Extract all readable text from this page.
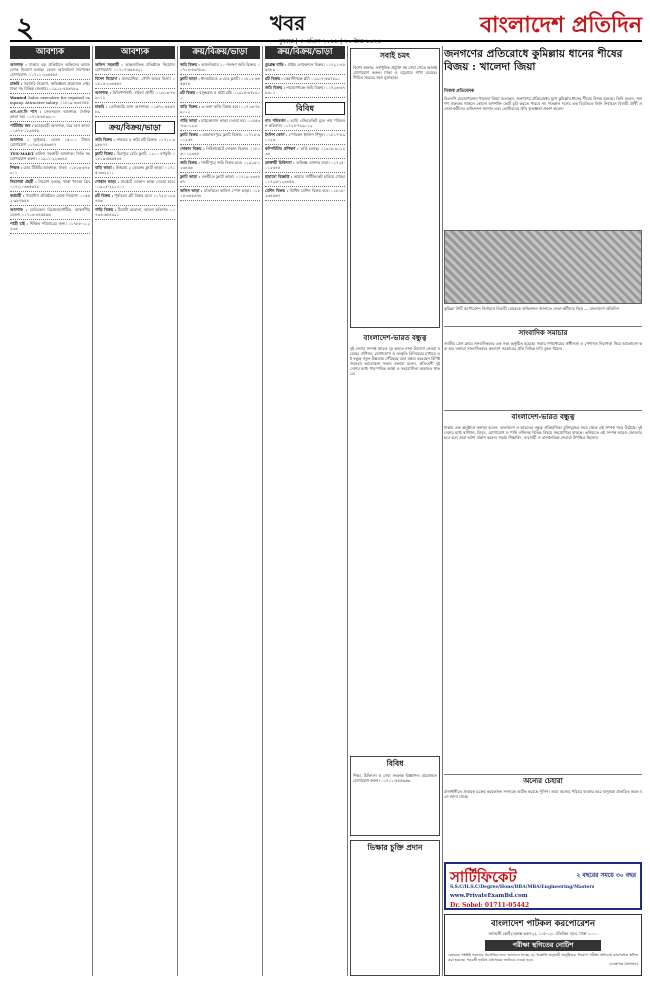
২	খবর	বাংলাদেশ প্রতিদিন
বুধবার | ৩ এপ্রিল ২০১৯ | ২০ চৈত্র ১৪২৫
আবশ্যক
আবশ্যক : ঢাকায় বড় প্রতিষ্ঠানে অফিসের কাজে লোক নিয়োগ চলছে। বেতন আলোচনা সাপেক্ষে। যোগাযোগ: ০১৭১১-২৩৪৫৬৭
চাকরি : সরাসরি নিয়োগ, অভিজ্ঞতা প্রয়োজন নেই। ঢাকা সহ বিভিন্ন জেলায়। ০১৯১২-৪৫৬৭৮৯
Wanted Sales executive for reputed company. Attractive salary. ০১৮১৯-৩৩৪৪৫৫
এস.এস.সি পাস : সেলসম্যান আবশ্যক, দৈনিক ভাতা সহ। ০১৭১৫-৮৮৯৯০০
পার্টটাইম জব : ছাত্র/ছাত্রী আবশ্যক, ঘরে বসে কাজ। ০১৬৭৪-১২৩৪৫৬
আবশ্যক : ড্রাইভার, বেতন ১৫০০০ টাকা। যোগাযোগ ০১৭৩১-৫৫৬৬৭৭
TEX-MART অফিস সহকারী আবশ্যক। সিভি সহ যোগাযোগ করুন। ০১৯১১-২২৩৩৪৪
শিক্ষক : হোম টিউটর আবশ্যক, ঢাকা। ০১৮১৬-৬৭৮৯০১
নিরাপত্তা প্রহরী : নিয়োগ চলছে, থাকা খাওয়া ফ্রি। ০১৭২০-৩৪৫৬৭৮
কর্মচারী : গার্মেন্টস প্রতিষ্ঠানে লোক নিয়োগ। ০১৫৫২-৯৮৭৬৫৪
আবশ্যক : মেডিকেল রিপ্রেজেন্টেটিভ, আকর্ষণীয় বেতন। ০১৭১৩-৪৪৫৫৬৬
পাত্রী চাই : শিক্ষিত পরিবারের জন্য। ০১৭৮৮-১১২২৩৩
আবশ্যক
অফিস সহকারী : আন্তর্জাতিক প্রতিষ্ঠানে নিয়োগ। যোগাযোগ: ০১৭১৭-৬৫৪৩২১
বিদেশ নিয়োগ : মালয়েশিয়া, সৌদি আরব ভিসা। ০১৮১৫-২৩৪৫৬৭
আবশ্যক : রিসিপশনিস্ট, মহিলা প্রার্থী। ০১৯১৩-৭৮৯০১২
চাকরি : ডেলিভারি ম্যান আবশ্যক। ০১৬৭১-৪৫৬৭৮৯
ক্রয়/বিক্রয়/ভাড়া
জমি বিক্রয় : সাভারে ৫ কাঠা প্লট বিক্রয়। ০১৭১১-৯৯৮৮৭৭
ফ্ল্যাট বিক্রয় : মিরপুরে রেডি ফ্ল্যাট, ১২০০ বর্গফুট। ০১৮১৯-৬৬৫৫৪৪
বাড়ি ভাড়া : উত্তরায় ২ বেডরুম ফ্ল্যাট ভাড়া। ০১৭১৫-৩৩২২১১
দোকান ভাড়া : মার্কেটে দোকান ভাড়া দেওয়া হবে। ০১৯১৪-২২১১০০
প্লট বিক্রয় : পূর্বাচলে প্লট বিক্রয় হবে। ০১৭২২-১২৩৪৫৬
গাড়ি বিক্রয় : টয়োটা করোলা, ভালো কন্ডিশন। ০১৭৩৩-৬৫৪৩২১
ক্রয়/বিক্রয়/ভাড়া
জমি বিক্রয় : আশুলিয়ায় ১০ শতাংশ জমি বিক্রয়। ০১৭১৪-৫৬৭৮৯০
ফ্ল্যাট ভাড়া : ধানমন্ডিতে ৩ বেড ফ্ল্যাট। ০১৮১২-৩৪৫৬৭৮
প্লট বিক্রয় : বসুন্ধরায় ৫ কাঠা প্লট। ০১৯১৫-৬৭৮৯০১
বাড়ি বিক্রয় : ৬ তলা বাড়ি বিক্রয় হবে। ০১৭১৬-৭৮৯০১২
গাড়ি ভাড়া : মাইক্রোবাস ভাড়া দেওয়া হয়। ০১৫৫৩-৮৯০১২৩
ফ্ল্যাট বিক্রয় : মোহাম্মদপুরে ফ্ল্যাট বিক্রয়। ০১৭১৮-৯০১২৩৪
দোকান বিক্রয় : নিউমার্কেটে দোকান বিক্রয়। ০১৮১৩-০১২৩৪৫
জমি বিক্রয় : গাজীপুরে জমি বিক্রয় হবে। ০১৯১৬-১২৩৪৫৬
ফ্ল্যাট ভাড়া : বনশ্রীতে ফ্ল্যাট ভাড়া। ০১৭১৯-২৩৪৫৬৭
অফিস ভাড়া : মতিঝিলে অফিস স্পেস ভাড়া। ০১৮১৪-৩৪৫৬৭৮
ক্রয়/বিক্রয়/ভাড়া
ডুপ্লেক্স বাড়ি : প্রাইম লোকেশনে বিক্রয়। ০১৭২১-৪৫৬৭৮৯
প্লট বিক্রয় : কেরানীগঞ্জে প্লট। ০১৯১৭-৫৬৭৮৯০
জমি বিক্রয় : নারায়ণগঞ্জে জমি বিক্রয়। ০১৭২৩-৬৭৮৯০১
বিবিধ
নাম পরিবর্তন : আমি এফিডেভিট মূলে নাম পরিবর্তন করিলাম। ০১৭২৪-৭৮৯০১২
ইংলিশ কোর্স : স্পোকেন ইংলিশ শিখুন। ০১৮১৭-৮৯০১২৩
কম্পিউটার প্রশিক্ষণ : ভর্তি চলছে। ০১৯১৮-৯০১২৩৪
ডাক্তারী চিকিৎসা : অভিজ্ঞ ডাক্তার দ্বারা। ০১৭২৫-০১২৩৪৫
হারানো বিজ্ঞপ্তি : আমার সার্টিফিকেট হারিয়ে গেছে। ০১৭২৬-১২৩৪৫৬
মেশিন বিক্রয় : প্রিন্টিং মেশিন বিক্রয় হবে। ০১৮১৮-২৩৪৫৬৭
সবাই চমৎ
বিশেষ অফার: সর্বাধুনিক প্রযুক্তি সহ সেবা পেতে আজই যোগাযোগ করুন। ঢাকা ও চট্টগ্রামে শাখা রয়েছে। সীমিত সময়ের জন্য মূল্যছাড়।
বাংলাদেশ-ভারত বন্ধুত্ব
দুই দেশের সম্পর্ক আরও দৃঢ় করতে নানা উদ্যোগ নেওয়া হয়েছে। বাণিজ্য, যোগাযোগ ও সংস্কৃতি বিনিময়ের মাধ্যমে এই বন্ধুত্ব নতুন উচ্চতায় পৌঁছেছে বলে মন্তব্য করেছেন বিশিষ্টজনেরা। আলোচনা সভায় বক্তারা বলেন, প্রতিবেশী দুই দেশের মধ্যে পারস্পরিক আস্থা ও সহযোগিতা অব্যাহত থাকবে।
বিবিধ
শিক্ষা, চিকিৎসা ও সেবা সংক্রান্ত বিজ্ঞাপন। প্রয়োজনে যোগাযোগ করুন। ০১৭১১-৫৫৫৬৬৬
ভিক্ষার চুক্তি প্রদান
জনগণের প্রতিরোধে কুমিল্লায় ধানের শীষের বিজয় : খালেদা জিয়া
নিজস্ব প্রতিবেদক
বিএনপি চেয়ারপারসন খালেদা জিয়া বলেছেন, জনগণের প্রতিরোধের মুখে কুমিল্লায় ধানের শীষের বিজয় হয়েছে। তিনি বলেন, জনগণ ঐক্যবদ্ধ থাকলে কোনো অপশক্তি ভোট চুরি করতে পারবে না। গতকাল দলের এক বিবৃতিতে তিনি নির্বাচনে বিজয়ী প্রার্থী ও নেতা-কর্মীদের অভিনন্দন জানান এবং ভোটারদের প্রতি কৃতজ্ঞতা প্রকাশ করেন।
কুমিল্লা সিটি কর্পোরেশন নির্বাচনে বিজয়ী মেয়রকে অভিনন্দন জানাতে নেতা-কর্মীদের ভিড় — বাংলাদেশ প্রতিদিন
সাংবাদিক সমাচার
জাতীয় প্রেস ক্লাবে সাংবাদিকদের এক সভা অনুষ্ঠিত হয়েছে। সভায় গণমাধ্যমের স্বাধীনতা ও পেশাগত নিরাপত্তা নিয়ে আলোচনা করা হয়। বক্তারা সাংবাদিকদের কল্যাণে সরকারের প্রতি বিভিন্ন দাবি তুলে ধরেন।
বাংলাদেশ-ভারত বন্ধুত্ব
ঢাকায় এক অনুষ্ঠানে বক্তারা বলেন, বাংলাদেশ ও ভারতের বন্ধুত্ব ঐতিহাসিক। মুক্তিযুদ্ধের সময় থেকে এই সম্পর্ক গড়ে উঠেছে। দুই দেশের মধ্যে বাণিজ্য, বিদ্যুৎ, যোগাযোগ ও পানি বণ্টনসহ বিভিন্ন বিষয়ে সহযোগিতা বাড়ছে। ভবিষ্যতে এই সম্পর্ক আরও জোরদার হবে বলে তারা আশা প্রকাশ করেন। সভায় শিক্ষাবিদ, ব্যবসায়ী ও রাজনৈতিক নেতারা উপস্থিত ছিলেন।
অন্যের চেহারা
রাজধানীতে প্রতারক চক্রের কয়েকজন সদস্যকে আটক করেছে পুলিশ। তারা অন্যের পরিচয় ব্যবহার করে মানুষকে প্রতারিত করত বলে জানা গেছে।
সার্টিফিকেট	২ বছরের সময়ে ৩০ বছর
S.S.C/H.S.C/Degree/Hons/BBA/MBA/Engineering/Masters
www.PrivateExamBd.com
Dr. Sobel: 01711-05442
বাংলাদেশ পাটকল করপোরেশন
আদমজী কোর্ট (এনেক্স ভবন-২), ১১৫-১২০ মতিঝিল বা/এ, ঢাকা-১০০০
পরীক্ষা স্থগিতের নোটিশ
এতদ্বারা সংশ্লিষ্ট সকলের অবগতির জন্য জানানো যাচ্ছে যে, বিজ্ঞপ্তি অনুযায়ী অনুষ্ঠিতব্য নিয়োগ পরীক্ষা অনিবার্য কারণবশত স্থগিত করা হয়েছে। পরবর্তী তারিখ যথাসময়ে জানিয়ে দেওয়া হবে।
ব্যবস্থাপক (প্রশাসন)
